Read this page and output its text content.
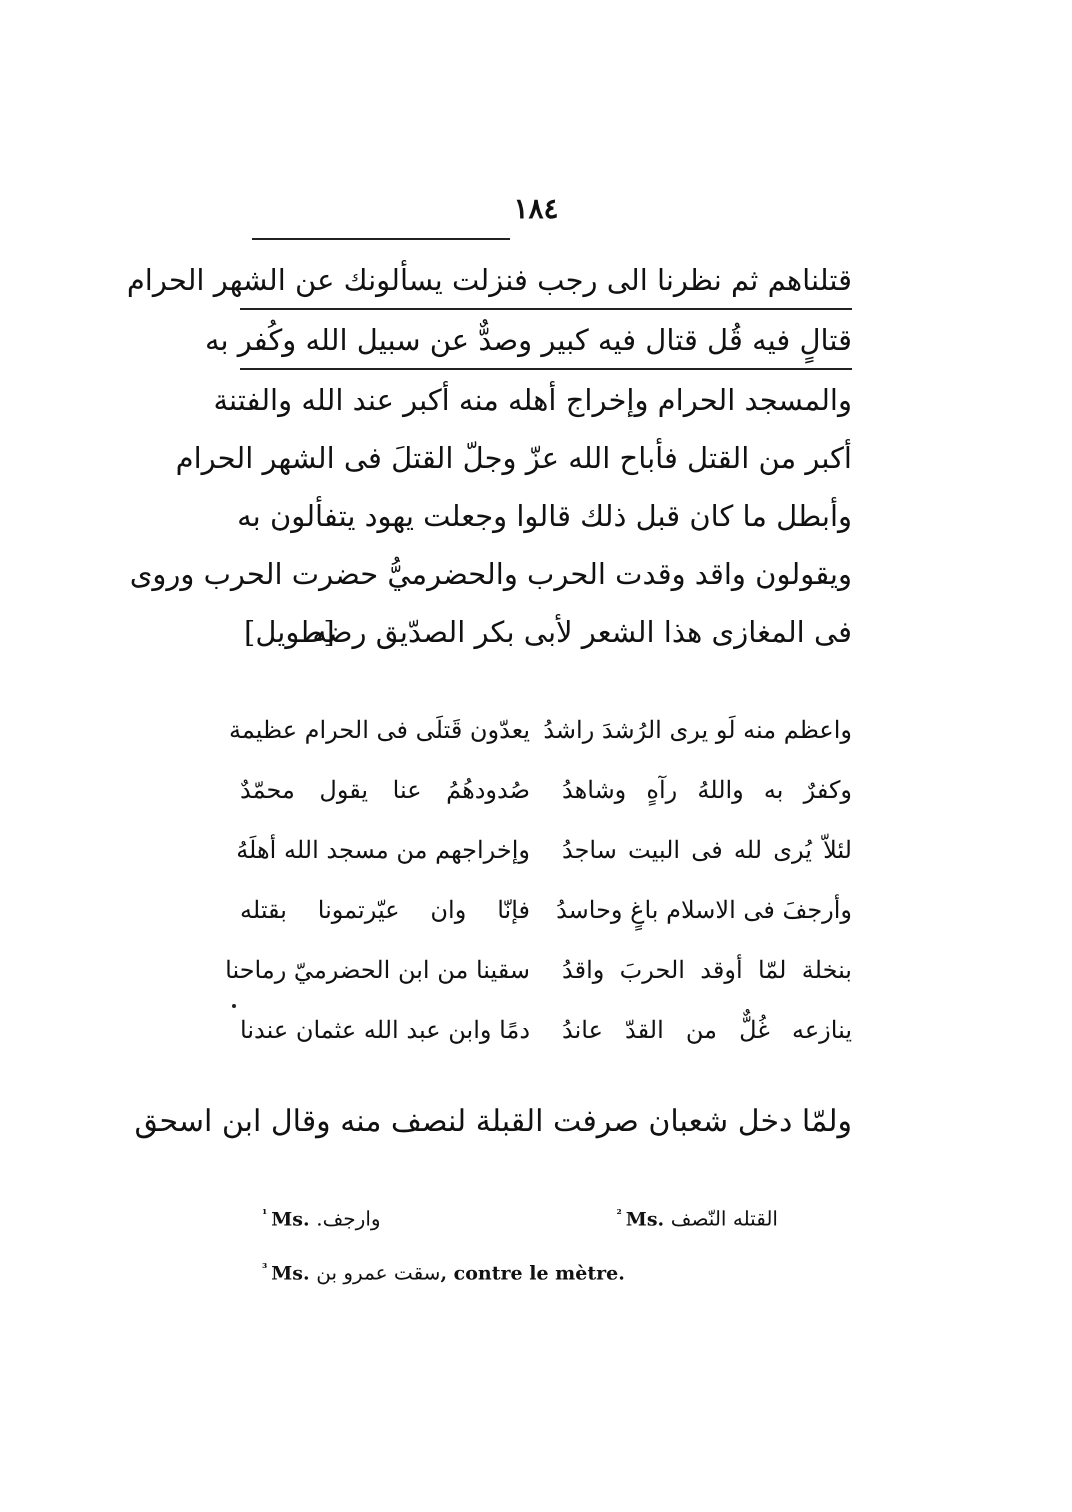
١٨٤
قتلناهم ثم نظرنا الى رجب فنزلت يسألونك عن الشهر الحرام
قتالٍ فيه قُل قتال فيه كبير وصدٌّ عن سبيل الله وكُفر به
والمسجد الحرام وإخراج أهله منه أكبر عند الله والفتنة
أكبر من القتل فأباح الله عزّ وجلّ القتلَ فى الشهر الحرام
وأبطل ما كان قبل ذلك قالوا وجعلت يهود يتفألون به
ويقولون واقد وقدت الحرب والحضرميُّ حضرت الحرب وروى
فى المغازى هذا الشعر لأبى بكر الصدّيق رضه
[طويل]
يعدّون قَتلَى فى الحرام عظيمة واعظم منه لَو يرى الرُشدَ راشدُ
صُدودهُمُ عنا يقول محمّدٌ وكفرٌ به واللهُ رآهٍ وشاهدُ
وإخراجهم من مسجد الله أهلَهُ لئلاّ يُرى لله فى البيت ساجدُ
فإنّا وان عيّرتمونا بقتله وأرجفَ فى الاسلام باغٍ وحاسدُ
سقينا من ابن الحضرميّ رماحنا بنخلة لمّا أوقد الحربَ واقدُ
دمًا وابن عبد الله عثمان عندنا ينازعه غُلٌّ من القدّ عاندُ
ولمّا دخل شعبان صرفت القبلة لنصف منه وقال ابن اسحق
$^{^1}$ Ms. وارجف.	$^{^2}$ Ms. القتله النّصف
$^{^3}$ Ms. سقت عمرو بن, contre le mètre.
